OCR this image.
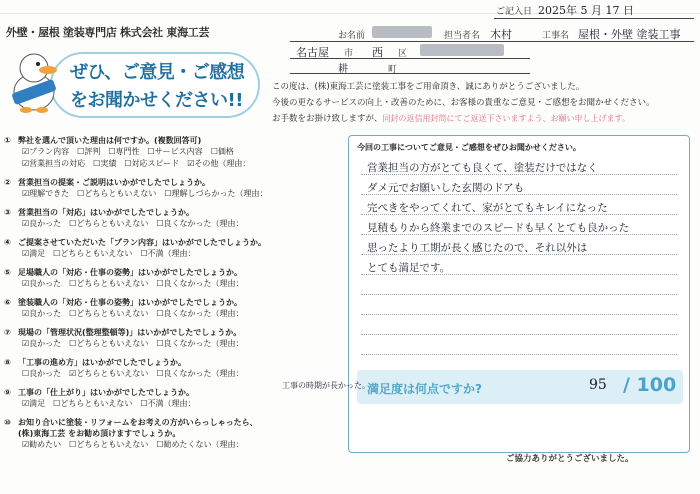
ご記入日 2025年 5 月 17 日
外壁・屋根 塗装専門店 株式会社 東海工芸	お名前	担当者名 木村	工事名 屋根・外壁 塗装工事
名古屋 市 西 区
耕	町
ぜひ、ご意見・ご感想
をお聞かせください!!
この度は、(株)東海工芸に塗装工事をご用命頂き、誠にありがとうございました。
今後の更なるサービスの向上・改善のために、お客様の貴重なご意見・ご感想をお聞かせください。
お手数をお掛け致しますが、同封の返信用封筒にてご返送下さいますよう、お願い申し上げます。
① 弊社を選んで頂いた理由は何ですか。(複数回答可)
☑プラン内容 ☐評判 ☐専門性 ☐サービス内容 ☐価格
☑営業担当の対応 ☐実績 ☐対応スピード ☑その他（理由：
② 営業担当の提案・ご説明はいかがでしたでしょうか。
☑理解できた ☐どちらともいえない ☐理解しづらかった（理由：
③ 営業担当の「対応」はいかがでしたでしょうか。
☑良かった ☐どちらともいえない ☐良くなかった（理由：
④ ご提案させていただいた「プラン内容」はいかがでしたでしょうか。
☑満足 ☐どちらともいえない ☐不満（理由：
⑤ 足場職人の「対応・仕事の姿勢」はいかがでしたでしょうか。
☑良かった ☐どちらともいえない ☐良くなかった（理由：
⑥ 塗装職人の「対応・仕事の姿勢」はいかがでしたでしょうか。
☑良かった ☐どちらともいえない ☐良くなかった（理由：
⑦ 現場の「管理状況(整理整頓等)」はいかがでしたでしょうか。
☑良かった ☐どちらともいえない ☐良くなかった（理由：
⑧ 「工事の進め方」はいかがでしたでしょうか。
☐良かった ☑どちらともいえない ☐良くなかった（理由：
⑨ 工事の「仕上がり」はいかがでしたでしょうか。
☑満足 ☐どちらともいえない ☐不満（理由：
⑩ お知り合いに塗装・リフォームをお考えの方がいらっしゃったら、
(株)東海工芸 をお勧め頂けますでしょうか。
☑勧めたい ☐どちらともいえない ☐勧めたくない（理由：
今回の工事についてご意見・ご感想をぜひお聞かせください。
営業担当の方がとても良くて、塗装だけではなく
ダメ元でお願いした玄関のドアも
完ぺきをやってくれて、家がとてもキレイになった
見積もりから終業までのスピードも早くとても良かった
思ったより工期が長く感じたので、それ以外は
とても満足です。
満足度は何点ですか?	95 / 100
工事の時期が長かった。
ご協力ありがとうございました。
